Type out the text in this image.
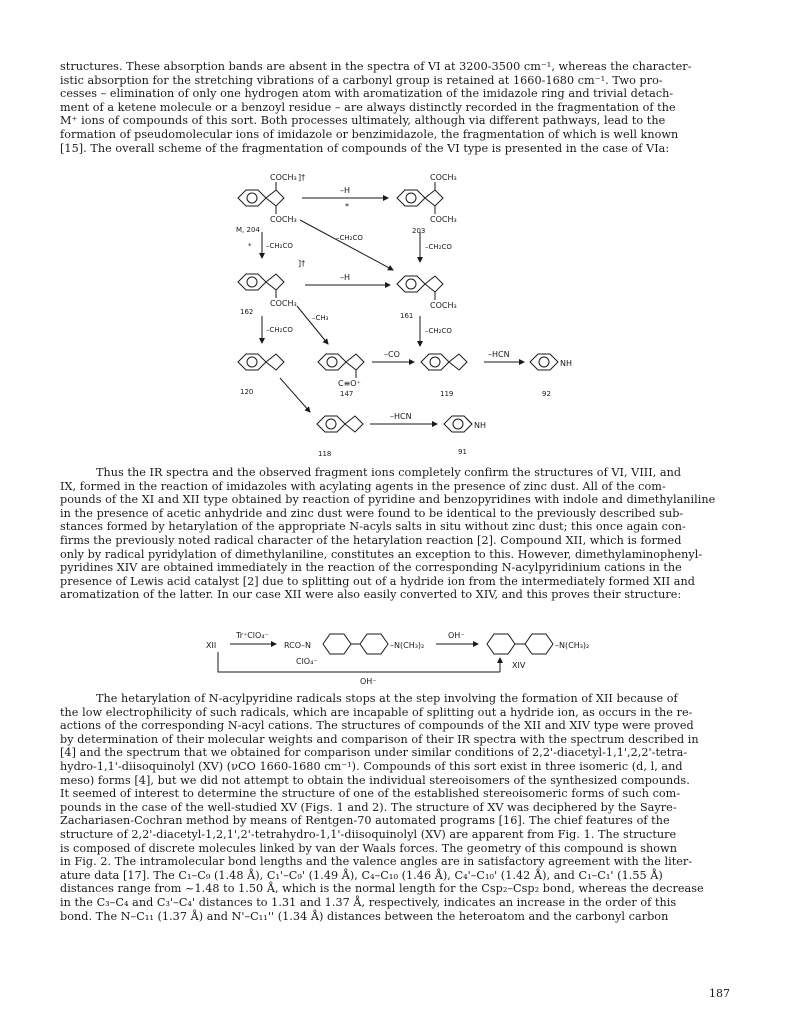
structures. These absorption bands are absent in the spectra of VI at 3200-3500 cm⁻¹, whereas the character-
istic absorption for the stretching vibrations of a carbonyl group is retained at 1660-1680 cm⁻¹. Two pro-
cesses – elimination of only one hydrogen atom with aromatization of the imidazole ring and trivial detach-
ment of a ketene molecule or a benzoyl residue – are always distinctly recorded in the fragmentation of the
M⁺ ions of compounds of this sort. Both processes ultimately, although via different pathways, lead to the
formation of pseudomolecular ions of imidazole or benzimidazole, the fragmentation of which is well known
[15]. The overall scheme of the fragmentation of compounds of the VI type is presented in the case of VIa:

COCH₃ ]†
COCH₃
M, 204
COCH₃
COCH₃
203
–H
*
* –CH₂CO
–CH₂CO
–CH₂CO
]†
–H
COCH₃
162
COCH₃
161
–CH₂CO
–CH₃
–CH₂CO
120
C≡O⁺
147
–CO
119
–HCN
NH
92
118
–HCN
NH
91

Thus the IR spectra and the observed fragment ions completely confirm the structures of VI, VIII, and
IX, formed in the reaction of imidazoles with acylating agents in the presence of zinc dust. All of the com-
pounds of the XI and XII type obtained by reaction of pyridine and benzopyridines with indole and dimethylaniline
in the presence of acetic anhydride and zinc dust were found to be identical to the previously described sub-
stances formed by hetarylation of the appropriate N-acyls salts in situ without zinc dust; this once again con-
firms the previously noted radical character of the hetarylation reaction [2]. Compound XII, which is formed
only by radical pyridylation of dimethylaniline, constitutes an exception to this. However, dimethylaminophenyl-
pyridines XIV are obtained immediately in the reaction of the corresponding N-acylpyridinium cations in the
presence of Lewis acid catalyst [2] due to splitting out of a hydride ion from the intermediately formed XII and
aromatization of the latter. In our case XII were also easily converted to XIV, and this proves their structure:

XII
Tr⁺ClO₄⁻
RCO–N	–N(CH₃)₂
OH⁻
–N(CH₃)₂
ClO₄⁻
OH⁻
XIV

The hetarylation of N-acylpyridine radicals stops at the step involving the formation of XII because of
the low electrophilicity of such radicals, which are incapable of splitting out a hydride ion, as occurs in the re-
actions of the corresponding N-acyl cations. The structures of compounds of the XII and XIV type were proved
by determination of their molecular weights and comparison of their IR spectra with the spectrum described in
[4] and the spectrum that we obtained for comparison under similar conditions of 2,2'-diacetyl-1,1',2,2'-tetra-
hydro-1,1'-diisoquinolyl (XV) (νCO 1660-1680 cm⁻¹). Compounds of this sort exist in three isomeric (d, l, and
meso) forms [4], but we did not attempt to obtain the individual stereoisomers of the synthesized compounds.
It seemed of interest to determine the structure of one of the established stereoisomeric forms of such com-
pounds in the case of the well-studied XV (Figs. 1 and 2). The structure of XV was deciphered by the Sayre-
Zachariasen-Cochran method by means of Rentgen-70 automated programs [16]. The chief features of the
structure of 2,2'-diacetyl-1,2,1',2'-tetrahydro-1,1'-diisoquinolyl (XV) are apparent from Fig. 1. The structure
is composed of discrete molecules linked by van der Waals forces. The geometry of this compound is shown
in Fig. 2. The intramolecular bond lengths and the valence angles are in satisfactory agreement with the liter-
ature data [17]. The C₁–C₉ (1.48 Å), C₁'–C₉' (1.49 Å), C₄–C₁₀ (1.46 Å), C₄'–C₁₀' (1.42 Å), and C₁–C₁' (1.55 Å)
distances range from ~1.48 to 1.50 Å, which is the normal length for the Csp₂–Csp₂ bond, whereas the decrease
in the C₃–C₄ and C₃'–C₄' distances to 1.31 and 1.37 Å, respectively, indicates an increase in the order of this
bond. The N–C₁₁ (1.37 Å) and N'–C₁₁'' (1.34 Å) distances between the heteroatom and the carbonyl carbon

187
